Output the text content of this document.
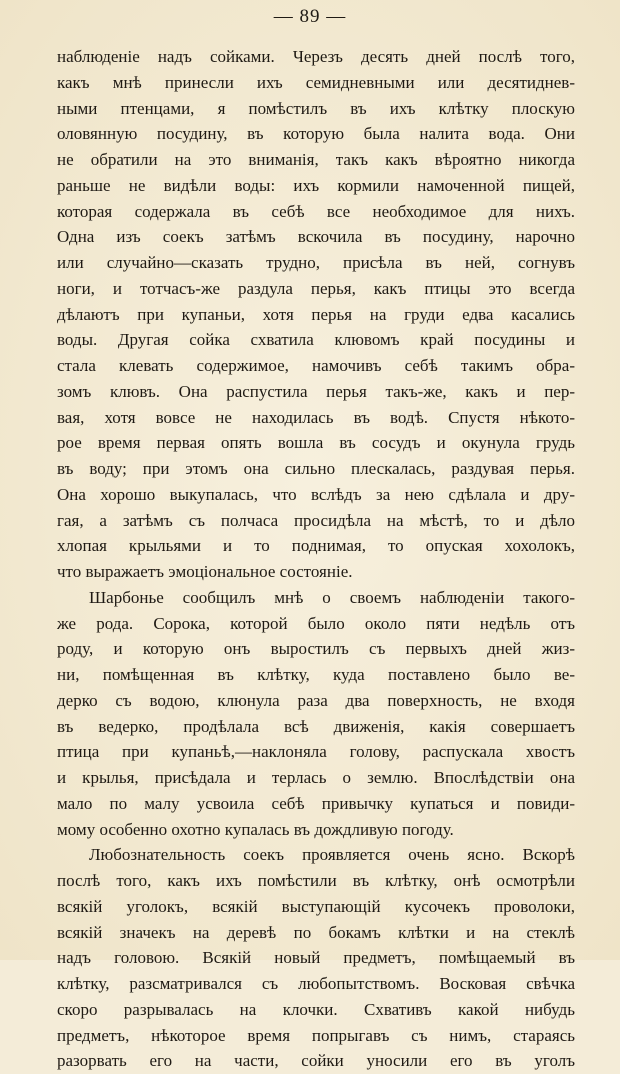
— 89 —
наблюденіе надъ сойками. Черезъ десять дней послѣ того,
какъ мнѣ принесли ихъ семидневными или десятиднев-
ными птенцами, я помѣстилъ въ ихъ клѣтку плоскую
оловянную посудину, въ которую была налита вода. Они
не обратили на это вниманія, такъ какъ вѣроятно никогда
раньше не видѣли воды: ихъ кормили намоченной пищей,
которая содержала въ себѣ все необходимое для нихъ.
Одна изъ соекъ затѣмъ вскочила въ посудину, нарочно
или случайно—сказать трудно, присѣла въ ней, согнувъ
ноги, и тотчасъ-же раздула перья, какъ птицы это всегда
дѣлаютъ при купаньи, хотя перья на груди едва касались
воды. Другая сойка схватила клювомъ край посудины и
стала клевать содержимое, намочивъ себѣ такимъ обра-
зомъ клювъ. Она распустила перья такъ-же, какъ и пер-
вая, хотя вовсе не находилась въ водѣ. Спустя нѣкото-
рое время первая опять вошла въ сосудъ и окунула грудь
въ воду; при этомъ она сильно плескалась, раздувая перья.
Она хорошо выкупалась, что вслѣдъ за нею сдѣлала и дру-
гая, а затѣмъ съ полчаса просидѣла на мѣстѣ, то и дѣло
хлопая крыльями и то поднимая, то опуская хохолокъ,
что выражаетъ эмоціональное состояніе.
Шарбонье сообщилъ мнѣ о своемъ наблюденіи такого-
же рода. Сорока, которой было около пяти недѣль отъ
роду, и которую онъ выростилъ съ первыхъ дней жиз-
ни, помѣщенная въ клѣтку, куда поставлено было ве-
дерко съ водою, клюнула раза два поверхность, не входя
въ ведерко, продѣлала всѣ движенія, какія совершаетъ
птица при купаньѣ,—наклоняла голову, распускала хвостъ
и крылья, присѣдала и терлась о землю. Впослѣдствіи она
мало по малу усвоила себѣ привычку купаться и повиди-
мому особенно охотно купалась въ дождливую погоду.
Любознательность соекъ проявляется очень ясно. Вскорѣ
послѣ того, какъ ихъ помѣстили въ клѣтку, онѣ осмотрѣли
всякій уголокъ, всякій выступающій кусочекъ проволоки,
всякій значекъ на деревѣ по бокамъ клѣтки и на стеклѣ
надъ головою. Всякій новый предметъ, помѣщаемый въ
клѣтку, разсматривался съ любопытствомъ. Восковая свѣчка
скоро разрывалась на клочки. Схвативъ какой нибудь
предметъ, нѣкоторое время попрыгавъ съ нимъ, стараясь
разорвать его на части, сойки уносили его въ уголъ
